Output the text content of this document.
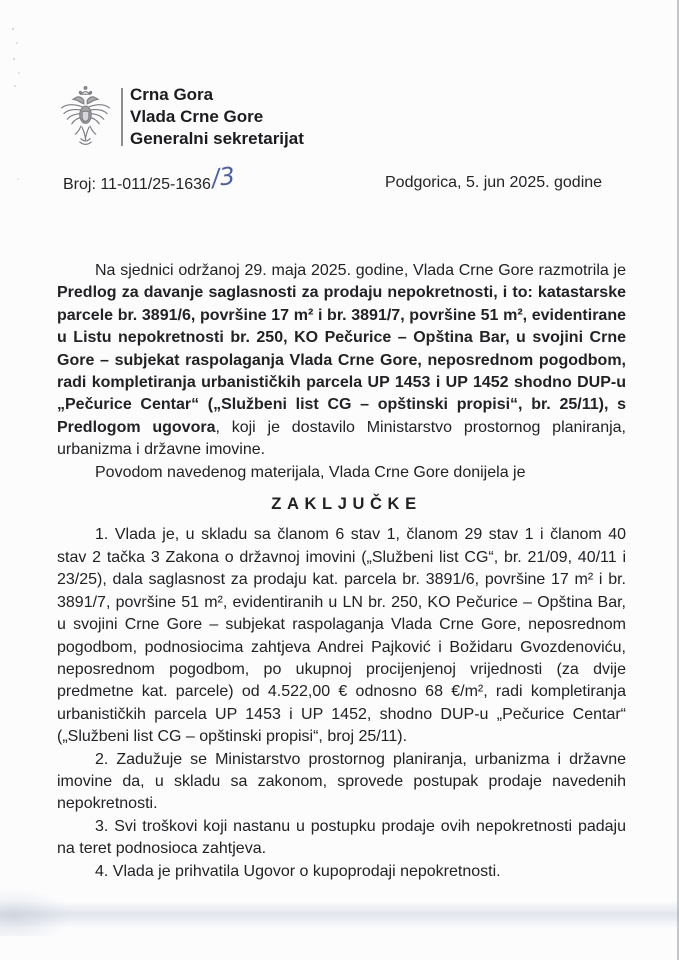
Crna Gora
Vlada Crne Gore
Generalni sekretarijat
Broj: 11-011/25-1636/3	Podgorica, 5. jun 2025. godine

Na sjednici održanoj 29. maja 2025. godine, Vlada Crne Gore razmotrila je Predlog za davanje saglasnosti za prodaju nepokretnosti, i to: katastarske parcele br. 3891/6, površine 17 m² i br. 3891/7, površine 51 m², evidentirane u Listu nepokretnosti br. 250, KO Pečurice – Opština Bar, u svojini Crne Gore – subjekat raspolaganja Vlada Crne Gore, neposrednom pogodbom, radi kompletiranja urbanističkih parcela UP 1453 i UP 1452 shodno DUP-u „Pečurice Centar“ („Službeni list CG – opštinski propisi“, br. 25/11), s Predlogom ugovora, koji je dostavilo Ministarstvo prostornog planiranja, urbanizma i državne imovine.

Povodom navedenog materijala, Vlada Crne Gore donijela je

ZAKLJUČKE

1. Vlada je, u skladu sa članom 6 stav 1, članom 29 stav 1 i članom 40 stav 2 tačka 3 Zakona o državnoj imovini („Službeni list CG“, br. 21/09, 40/11 i 23/25), dala saglasnost za prodaju kat. parcela br. 3891/6, površine 17 m² i br. 3891/7, površine 51 m², evidentiranih u LN br. 250, KO Pečurice – Opština Bar, u svojini Crne Gore – subjekat raspolaganja Vlada Crne Gore, neposrednom pogodbom, podnosiocima zahtjeva Andrei Pajković i Božidaru Gvozdenoviću, neposrednom pogodbom, po ukupnoj procijenjenoj vrijednosti (za dvije predmetne kat. parcele) od 4.522,00 € odnosno 68 €/m², radi kompletiranja urbanističkih parcela UP 1453 i UP 1452, shodno DUP-u „Pečurice Centar“ („Službeni list CG – opštinski propisi“, broj 25/11).

2. Zadužuje se Ministarstvo prostornog planiranja, urbanizma i državne imovine da, u skladu sa zakonom, sprovede postupak prodaje navedenih nepokretnosti.

3. Svi troškovi koji nastanu u postupku prodaje ovih nepokretnosti padaju na teret podnosioca zahtjeva.

4. Vlada je prihvatila Ugovor o kupoprodaji nepokretnosti.
